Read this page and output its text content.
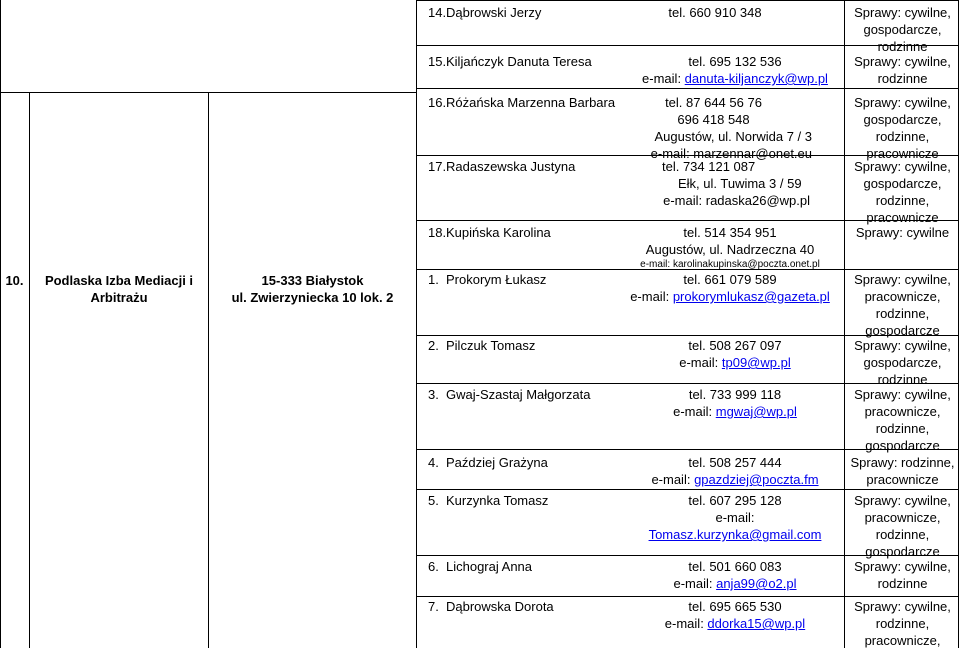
10.	Podlaska Izba Mediacji i
Arbitrażu
15-333 Białystok
ul. Zwierzyniecka 10 lok. 2
14. Dąbrowski Jerzy	tel. 660 910 348	Sprawy: cywilne,
gospodarcze,
rodzinne
15. Kiljańczyk Danuta Teresa	tel. 695 132 536
e-mail: danuta-kiljanczyk@wp.pl
Sprawy: cywilne,
rodzinne
16. Różańska Marzenna Barbara	tel. 87 644 56 76
696 418 548
Augustów, ul. Norwida 7 / 3
e-mail: marzennar@onet.eu
Sprawy: cywilne,
gospodarcze,
rodzinne,
pracownicze
17. Radaszewska Justyna	tel. 734 121 087
Ełk, ul. Tuwima 3 / 59
e-mail: radaska26@wp.pl
Sprawy: cywilne,
gospodarcze,
rodzinne,
pracownicze
18. Kupińska Karolina	tel. 514 354 951
Augustów, ul. Nadrzeczna 40
e-mail: karolinakupinska@poczta.onet.pl
Sprawy: cywilne
1. Prokorym Łukasz	tel. 661 079 589
e-mail: prokorymlukasz@gazeta.pl
Sprawy: cywilne,
pracownicze,
rodzinne,
gospodarcze
2. Pilczuk Tomasz	tel. 508 267 097
e-mail: tp09@wp.pl
Sprawy: cywilne,
gospodarcze,
rodzinne
3. Gwaj-Szastaj Małgorzata	tel. 733 999 118
e-mail: mgwaj@wp.pl
Sprawy: cywilne,
pracownicze,
rodzinne,
gospodarcze
4. Paździej Grażyna	tel. 508 257 444
e-mail: gpazdziej@poczta.fm
Sprawy: rodzinne,
pracownicze
5. Kurzynka Tomasz	tel. 607 295 128
e-mail:
Tomasz.kurzynka@gmail.com
Sprawy: cywilne,
pracownicze,
rodzinne,
gospodarcze
6. Lichograj Anna	tel. 501 660 083
e-mail: anja99@o2.pl
Sprawy: cywilne,
rodzinne
7. Dąbrowska Dorota	tel. 695 665 530
e-mail: ddorka15@wp.pl
Sprawy: cywilne,
rodzinne,
pracownicze,
